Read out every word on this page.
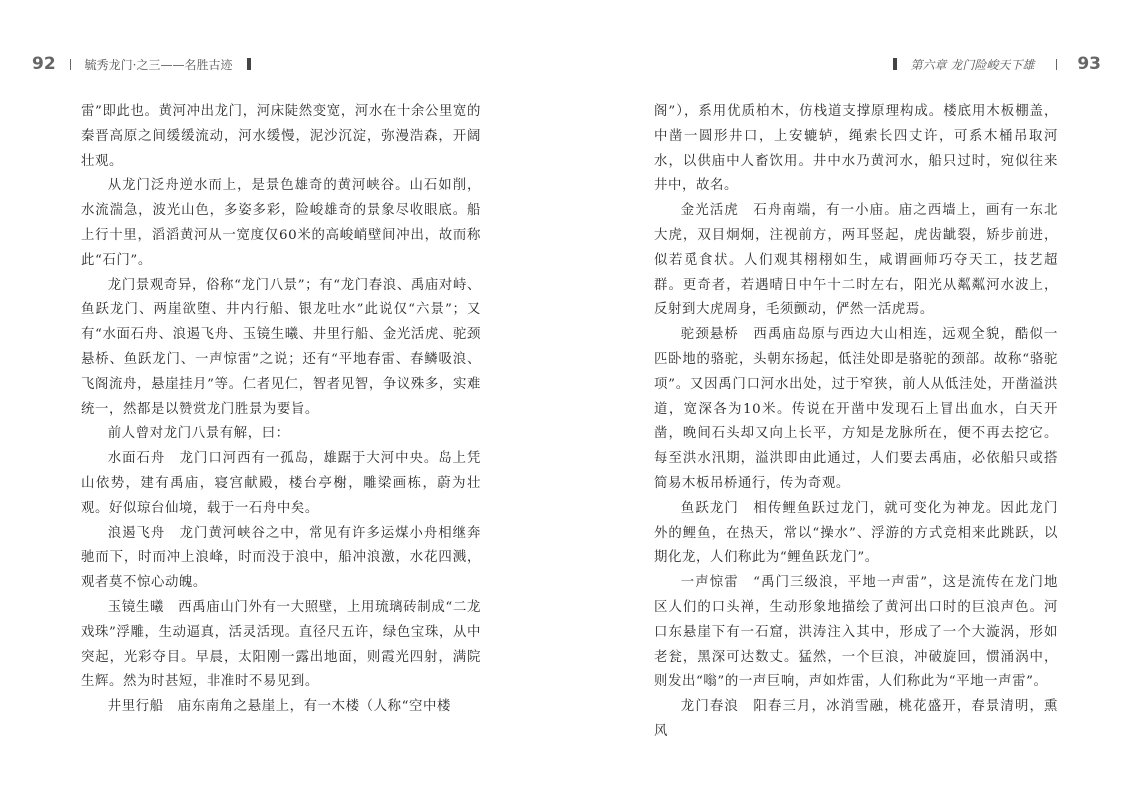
92 毓秀龙门·之三——名胜古迹

雷”即此也。黄河冲出龙门，河床陡然变宽，河水在十余公里宽的秦晋高原之间缓缓流动，河水缓慢，泥沙沉淀，弥漫浩森，开阔壮观。

从龙门泛舟逆水而上，是景色雄奇的黄河峡谷。山石如削，水流湍急，波光山色，多姿多彩，险峻雄奇的景象尽收眼底。船上行十里，滔滔黄河从一宽度仅60米的高峻峭壁间冲出，故而称此“石门”。

龙门景观奇异，俗称“龙门八景”；有“龙门春浪、禹庙对峙、鱼跃龙门、两崖欲堕、井内行船、银龙吐水”此说仅“六景”；又有“水面石舟、浪遏飞舟、玉镜生曦、井里行船、金光活虎、驼颈悬桥、鱼跃龙门、一声惊雷”之说；还有“平地春雷、春鳞吸浪、飞阁流舟，悬崖挂月”等。仁者见仁，智者见智，争议殊多，实难统一，然都是以赞赏龙门胜景为要旨。

前人曾对龙门八景有解，曰：

水面石舟　龙门口河西有一孤岛，雄踞于大河中央。岛上凭山依势，建有禹庙，寝宫献殿，楼台亭榭，雕梁画栋，蔚为壮观。好似琼台仙境，载于一石舟中矣。

浪遏飞舟　龙门黄河峡谷之中，常见有许多运煤小舟相继奔驰而下，时而冲上浪峰，时而没于浪中，船冲浪激，水花四溅，观者莫不惊心动魄。

玉镜生曦　西禹庙山门外有一大照壁，上用琉璃砖制成“二龙戏珠”浮雕，生动逼真，活灵活现。直径尺五许，绿色宝珠，从中突起，光彩夺目。早晨，太阳刚一露出地面，则霞光四射，满院生辉。然为时甚短，非准时不易见到。

井里行船　庙东南角之悬崖上，有一木楼（人称“空中楼

第六章 龙门险峻天下雄	93

阁”），系用优质柏木，仿栈道支撑原理构成。楼底用木板棚盖，中凿一圆形井口，上安辘轳，绳索长四丈许，可系木桶吊取河水，以供庙中人畜饮用。井中水乃黄河水，船只过时，宛似往来井中，故名。

金光活虎　石舟南端，有一小庙。庙之西墙上，画有一东北大虎，双目炯炯，注视前方，两耳竖起，虎齿龇裂，矫步前进，似若觅食状。人们观其栩栩如生，咸谓画师巧夺天工，技艺超群。更奇者，若遇晴日中午十二时左右，阳光从粼粼河水波上，反射到大虎周身，毛须颤动，俨然一活虎焉。

驼颈悬桥　西禹庙岛原与西边大山相连，远观全貌，酷似一匹卧地的骆驼，头朝东扬起，低洼处即是骆驼的颈部。故称“骆驼项”。又因禹门口河水出处，过于窄狭，前人从低洼处，开凿溢洪道，宽深各为10米。传说在开凿中发现石上冒出血水，白天开凿，晚间石头却又向上长平，方知是龙脉所在，便不再去挖它。每至洪水汛期，溢洪即由此通过，人们要去禹庙，必依船只或搭简易木板吊桥通行，传为奇观。

鱼跃龙门　相传鲤鱼跃过龙门，就可变化为神龙。因此龙门外的鲤鱼，在热天，常以“操水”、浮游的方式竞相来此跳跃，以期化龙，人们称此为“鲤鱼跃龙门”。

一声惊雷　“禹门三级浪，平地一声雷”，这是流传在龙门地区人们的口头禅，生动形象地描绘了黄河出口时的巨浪声色。河口东悬崖下有一石窟，洪涛注入其中，形成了一个大漩涡，形如老瓮，黑深可达数丈。猛然，一个巨浪，冲破旋回，惯涌涡中，则发出“嗡”的一声巨响，声如炸雷，人们称此为“平地一声雷”。

龙门春浪　阳春三月，冰消雪融，桃花盛开，春景清明，熏风
